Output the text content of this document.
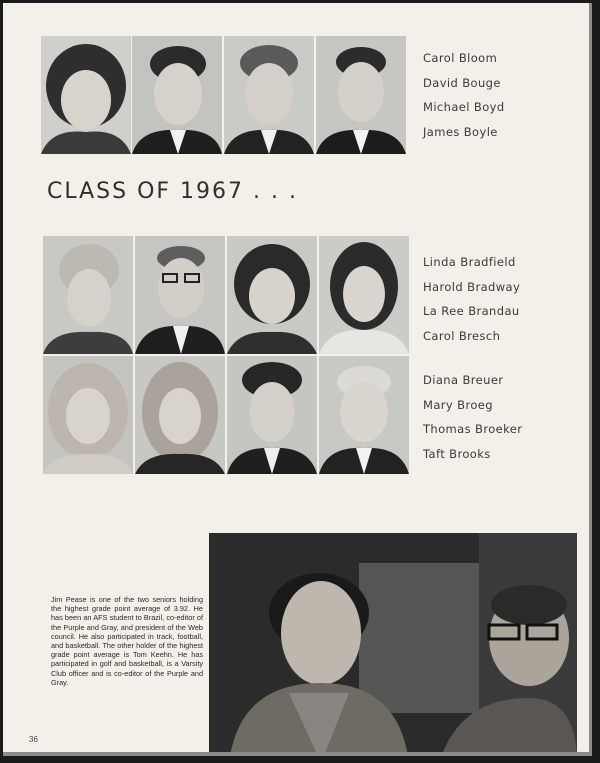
Carol Bloom
David Bouge
Michael Boyd
James Boyle
CLASS OF 1967 . . .
Linda Bradfield
Harold Bradway
La Ree Brandau
Carol Bresch
Diana Breuer
Mary Broeg
Thomas Broeker
Taft Brooks
Jim Pease is one of the two seniors holding the highest grade point average of 3.92. He has been an AFS student to Brazil, co-editor of the Purple and Gray, and president of the Web council. He also participated in track, football, and basketball. The other holder of the highest grade point average is Tom Keehn. He has participated in golf and basketball, is a Varsity Club officer and is co-editor of the Purple and Gray.
36
